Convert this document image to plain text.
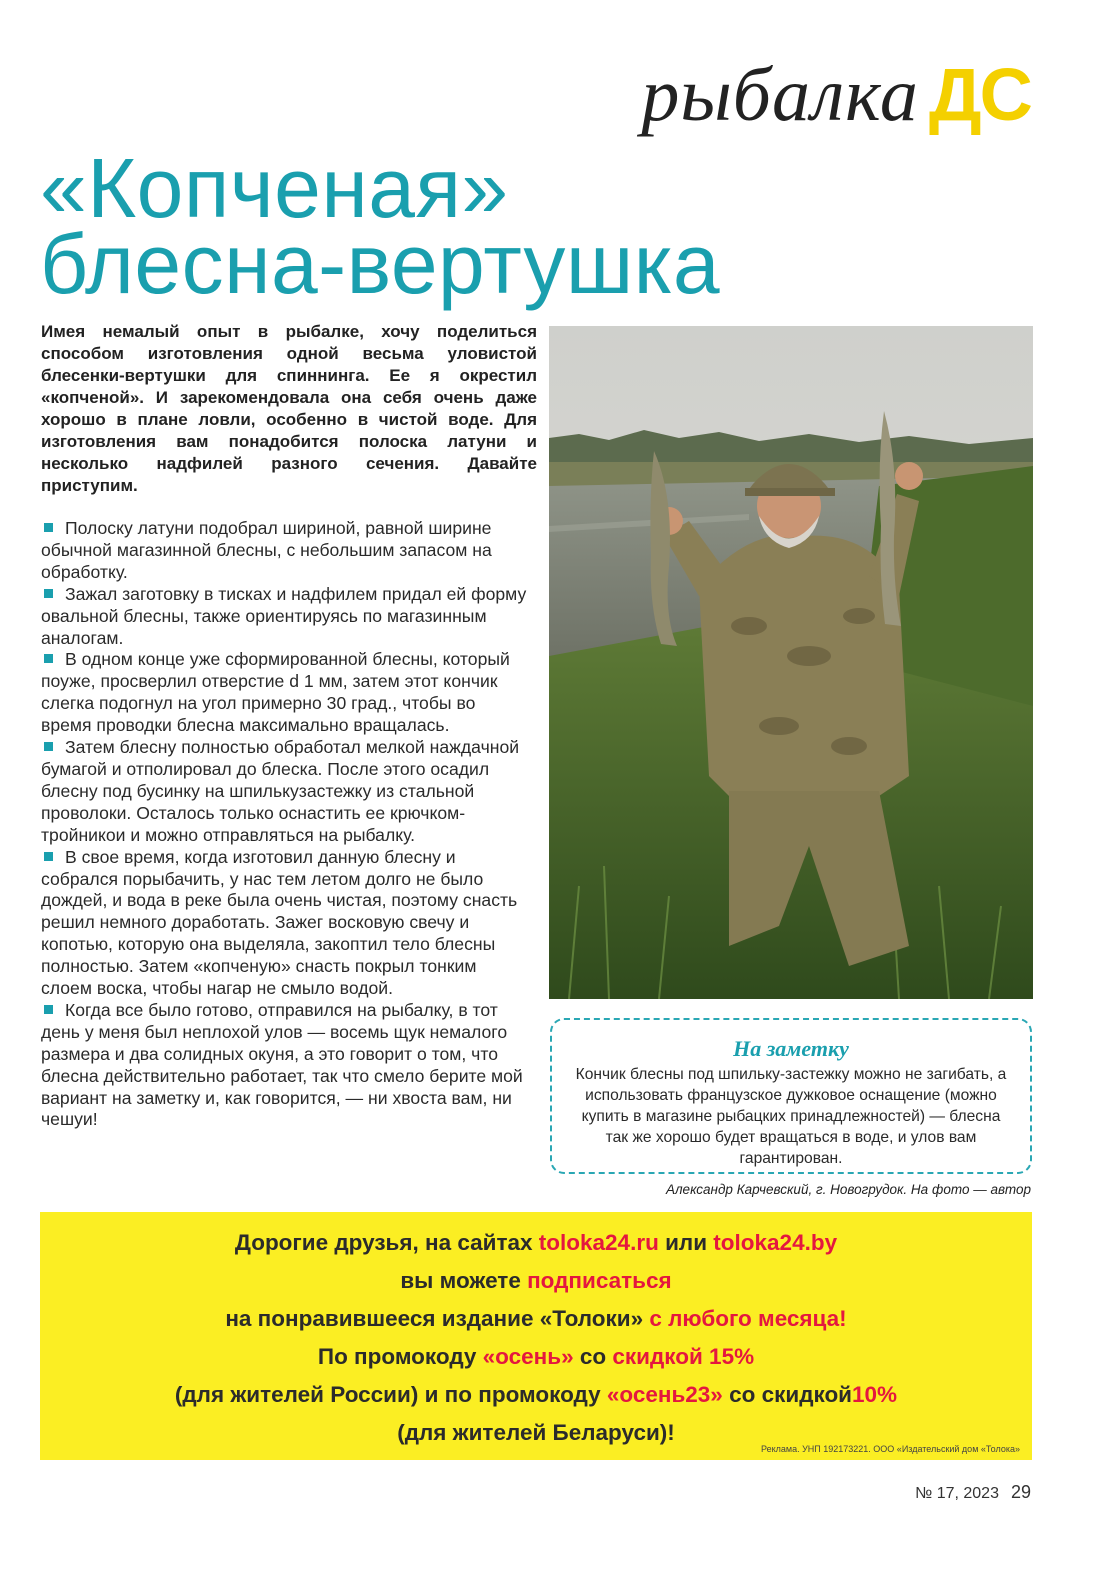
рыбалка ДС
«Копченая»
блесна-вертушка

Имея немалый опыт в рыбалке, хочу поделиться способом изготовления одной весьма уловистой блесенки-вертушки для спиннинга. Ее я окрестил «копченой». И зарекомендовала она себя очень даже хорошо в плане ловли, особенно в чистой воде. Для изготовления вам понадобится полоска латуни и несколько надфилей разного сечения. Давайте приступим.

Полоску латуни подобрал шириной, равной ширине обычной магазинной блесны, с небольшим запасом на обработку.

Зажал заготовку в тисках и надфилем придал ей форму овальной блесны, также ориентируясь по магазинным аналогам.

В одном конце уже сформированной блесны, который поуже, просверлил отверстие d 1 мм, затем этот кончик слегка подогнул на угол примерно 30 град., чтобы во время проводки блесна максимально вращалась.

Затем блесну полностью обработал мелкой наждачной бумагой и отполировал до блеска. После этого осадил блесну под бусинку на шпилькузастежку из стальной проволоки. Осталось только оснастить ее крючком-тройникои и можно отправляться на рыбалку.

В свое время, когда изготовил данную блесну и собрался порыбачить, у нас тем летом долго не было дождей, и вода в реке была очень чистая, поэтому снасть решил немного доработать. Зажег восковую свечу и копотью, которую она выделяла, закоптил тело блесны полностью. Затем «копченую» снасть покрыл тонким слоем воска, чтобы нагар не смыло водой.

Когда все было готово, отправился на рыбалку, в тот день у меня был неплохой улов — восемь щук немалого размера и два солидных окуня, а это говорит о том, что блесна действительно работает, так что смело берите мой вариант на заметку и, как говорится, — ни хвоста вам, ни чешуи!

На заметку

Кончик блесны под шпильку-застежку можно не загибать, а использовать французское дужковое оснащение (можно купить в магазине рыбацких принадлежностей) — блесна так же хорошо будет вращаться в воде, и улов вам гарантирован.

Александр Карчевский, г. Новогрудок. На фото — автор
Дорогие друзья, на сайтах toloka24.ru или toloka24.by
вы можете подписаться
на понравившееся издание «Толоки» с любого месяца!
По промокоду «осень» со скидкой 15%
(для жителей России) и по промокоду «осень23» со скидкой10%
(для жителей Беларуси)!
Реклама. УНП 192173221. ООО «Издательский дом «Толока»
№ 17, 2023 29
